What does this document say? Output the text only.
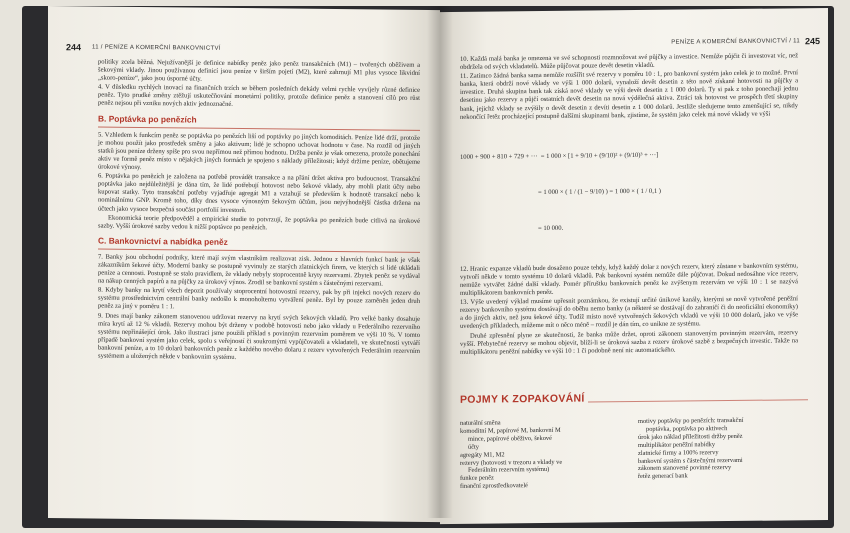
244 11 / PENÍZE A KOMERČNÍ BANKOVNICTVÍ

politiky zcela běžná. Nejužívanější je definice nabídky peněz jako peněz transakčních (M1) – tvořených oběživem a šekovými vklady. Jinou používanou definicí jsou peníze v širším pojetí (M2), které zahrnují M1 plus vysoce likvidní „skoro-peníze“, jako jsou úsporné účty.

4. V důsledku rychlých inovací na finančních trzích se během posledních dekády velmi rychle vyvíjely různé definice peněz. Tyto prudké změny ztěžují uskutečňování monetární politiky, protože definice peněz a stanovení cílů pro růst peněz nejsou při vzniku nových aktiv jednoznačné.

B. Poptávka po penězích

5. Vzhledem k funkcím peněz se poptávka po penězích liší od poptávky po jiných komoditách. Peníze lidé drží, protože je mohou použít jako prostředek směny a jako aktivum; lidé je schopno uchovat hodnotu v čase. Na rozdíl od jiných statků jsou peníze drženy spíše pro svou nepřímou než přímou hodnotu. Držba peněz je však omezena, protože ponechání aktiv ve formě peněz místo v nějakých jiných formách je spojeno s náklady příležitosti; když držíme peníze, obětujeme úrokové výnosy.

6. Poptávka po penězích je založena na potřebě provádět transakce a na přání držet aktiva pro budoucnost. Transakční poptávka jako nejdůležitější je dána tím, že lidé potřebují hotovost nebo šekové vklady, aby mohli platit účty nebo kupovat statky. Tyto transakční potřeby vyjadřuje agregát M1 a vztahují se především k hodnotě transakcí nebo k nominálnímu GNP. Kromě toho, díky dnes vysoce výnosným šekovým účtům, jsou nejvýhodnější částka držena na účtech jako vysoce bezpečná součást portfolií investorů.

Ekonomická teorie předpověděl a empirické studie to potvrzují, že poptávka po penězích bude citlivá na úrokové sazby. Vyšší úrokové sazby vedou k nižší poptávce po penězích.

C. Bankovnictví a nabídka peněz

7. Banky jsou obchodní podniky, které mají svým vlastníkům realizovat zisk. Jednou z hlavních funkcí bank je však zákazníkům šekové účty. Moderní banky se postupně vyvinuly ze starých zlatnických firem, ve kterých si lidé ukládali peníze a cennosti. Postupně se stalo pravidlem, že vklady nebyly stoprocentně kryty rezervami. Zbytek peněz se vydával na nákup cenných papírů a na půjčky za úrokový výnos. Zrodil se bankovní systém s částečnými rezervami.

8. Kdyby banky na krytí všech depozit používaly stoprocentní hotovostní rezervy, pak by při injekci nových rezerv do systému prostřednictvím centrální banky nedošlo k monoholtemu vytváření peněz. Byl by pouze zaměněn jeden druh peněz za jiný v poměru 1 : 1.

9. Dnes mají banky zákonem stanovenou udržovat rezervy na krytí svých šekových vkladů. Pro velké banky dosahuje míra krytí až 12 % vkladů. Rezervy mohou být drženy v podobě hotovosti nebo jako vklady u Federálního rezervního systému nepřinášející úrok. Jako ilustraci jsme použili příklad s povinným rezervním poměrem ve výši 10 %. V tomto případě bankovní systém jako celek, spolu s veřejností či soukromými vypůjčovateli a vkladateli, ve skutečnosti vytváří bankovní peníze, a to 10 dolarů bankovních peněz z každého nového dolaru z rezerv vytvořených Federálním rezervním systémem a uložených někde v bankovním systému.

PENÍZE A KOMERČNÍ BANKOVNICTVÍ / 11 245

10. Každá malá banka je omezena ve své schopnosti rozmnožovat své půjčky a investice. Nemůže půjčit či investovat víc, než obdržela od svých vkladatelů. Může půjčovat pouze devět desetin vkladů.

11. Zatímco žádná banka sama nemůže rozšířit své rezervy v poměru 10 : 1, pro bankovní systém jako celek je to možné. První banka, která obdrží nové vklady ve výši 1 000 dolarů, vynaloží devět desetin z této nově získané hotovosti na půjčky a investice. Druhá skupina bank tak získá nové vklady ve výši devět desetin z 1 000 dolarů. Ty si pak z toho ponechají jednu desetinu jako rezervy a půjčí ostatních devět desetin na nová výdělečná aktiva. Ztrácí tak hotovost ve prospěch třetí skupiny bank, jejichž vklady se zvýšily o devět desetin z devíti desetin z 1 000 dolarů. Jestliže sledujeme tento zmenšující se, nikdy nekončící řetěz procházející postupně dalšími skupinami bank, zjistíme, že systém jako celek má nové vklady ve výši

1000 + 900 + 810 + 729 + ···  = 1 000 × [1 + 9/10 + (9/10)² + (9/10)³ + ···]

= 1 000 × ( 1 / (1 − 9/10) ) = 1 000 × ( 1 / 0,1 )

= 10 000.

12. Hranic expanze vkladů bude dosaženo pouze tehdy, když každý dolar z nových rezerv, který zůstane v bankovním systému, vytvoří někde v tomto systému 10 dolarů vkladů. Pak bankovní systém nemůže dále půjčovat. Dokud nedosáhne více rezerv, nemůže vytvářet žádné další vklady. Pomér příruštku bankovních peněz ke zvýšenym rezervám ve výši 10 : 1 se nazývá multiplikátorem bankovních peněz.

13. Výše uvedený výklad musíme upřesnit poznámkou, že existují určité únikové kanály, kterými se nově vytvořené peněžní rezervy bankovního systému dostávají do oběhu nemo banky (a některé se dostávají do zahraničí či do neoficiální ekonomiky) a do jiných aktiv, než jsou šekové účty. Tudíž místo nově vytvořených šekových vkladů ve výši 10 000 dolarů, jako ve výše uvedených příkladech, můžeme mít o něco méně – rozdíl je dán tím, co unikne ze systému.

Druhé zpřesnění plyne ze skutečnosti, že banka může držet, oproti zákonem stanoveným povinným rezervám, rezervy vyšší. Přebytečné rezervy se mohou objevit, blíží-li se úroková sazba z rezerv úrokové sazbě z bezpečných investic. Takže na multiplikátoru peněžní nabídky ve výši 10 : 1 či podobně není nic automatického.

POJMY K ZOPAKOVÁNÍ
naturální směna
komoditní M, papírové M, bankovní M
mince, papírové oběživo, šekové
účty
agregáty M1, M2
rezervy (hotovosti v trezoru a vklady ve
Federálním rezervním systému)
funkce peněz
finanční zprostředkovatelé
motivy poptávky po penězích: transakční
poptávka, poptávka po aktivech
úrok jako náklad příležitosti držby peněz
multiplikátor peněžní nabídky
zlatnické firmy a 100% rezervy
bankovní systém s částečnými rezervami
zákonem stanovené povinné rezervy
řetěz generací bank
